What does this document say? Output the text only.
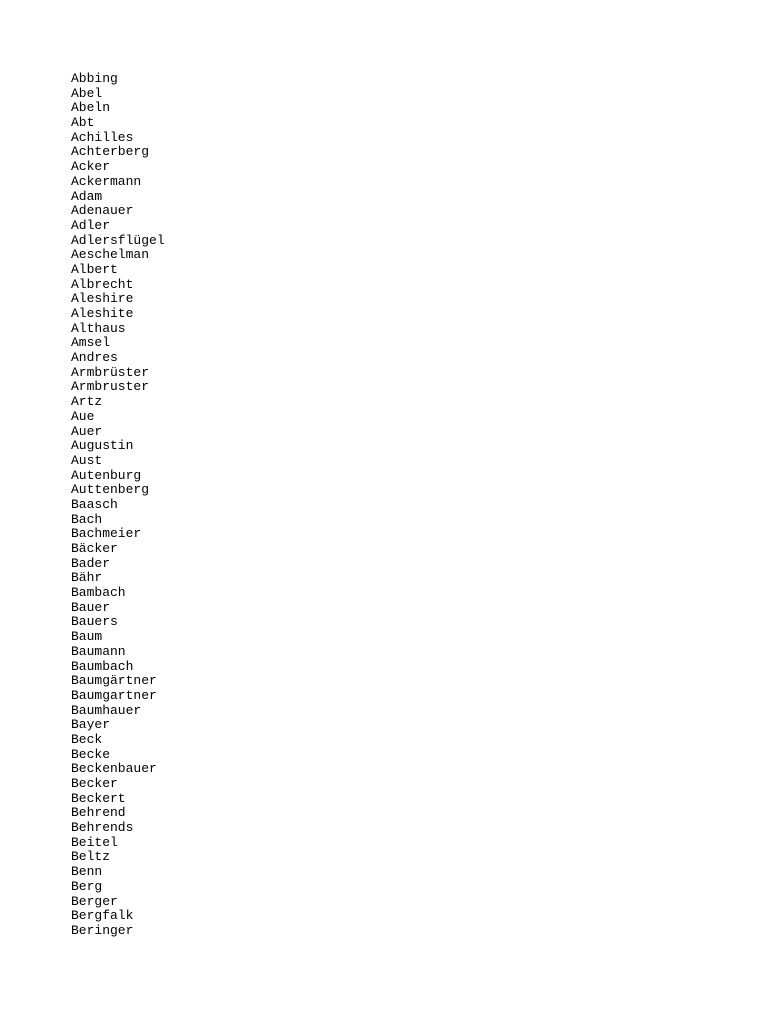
Abbing
Abel
Abeln
Abt
Achilles
Achterberg
Acker
Ackermann
Adam
Adenauer
Adler
Adlersflügel
Aeschelman
Albert
Albrecht
Aleshire
Aleshite
Althaus
Amsel
Andres
Armbrüster
Armbruster
Artz
Aue
Auer
Augustin
Aust
Autenburg
Auttenberg
Baasch
Bach
Bachmeier
Bäcker
Bader
Bähr
Bambach
Bauer
Bauers
Baum
Baumann
Baumbach
Baumgärtner
Baumgartner
Baumhauer
Bayer
Beck
Becke
Beckenbauer
Becker
Beckert
Behrend
Behrends
Beitel
Beltz
Benn
Berg
Berger
Bergfalk
Beringer
